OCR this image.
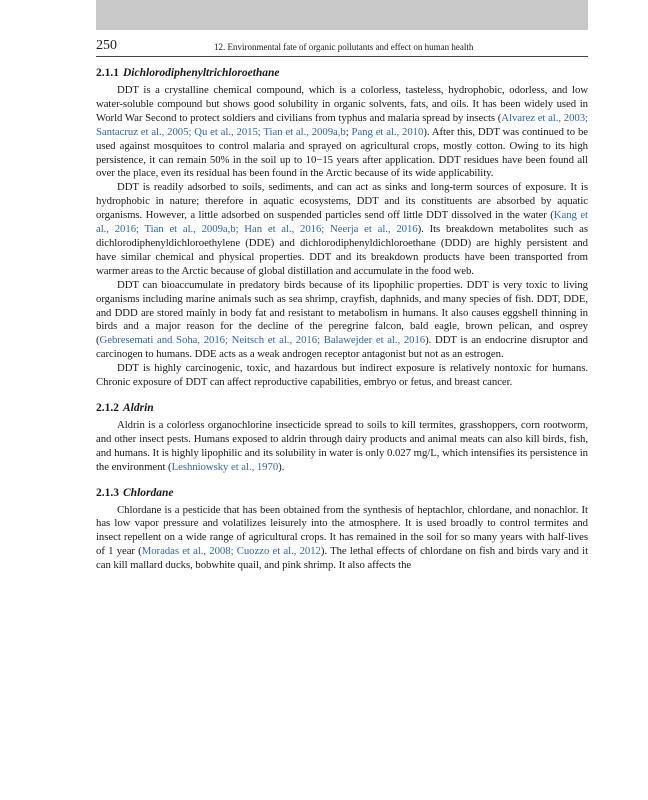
250	12. Environmental fate of organic pollutants and effect on human health
2.1.1 Dichlorodiphenyltrichloroethane

DDT is a crystalline chemical compound, which is a colorless, tasteless, hydrophobic, odorless, and low water-soluble compound but shows good solubility in organic solvents, fats, and oils. It has been widely used in World War Second to protect soldiers and civilians from typhus and malaria spread by insects (Alvarez et al., 2003; Santacruz et al., 2005; Qu et al., 2015; Tian et al., 2009a,b; Pang et al., 2010). After this, DDT was continued to be used against mosquitoes to control malaria and sprayed on agricultural crops, mostly cotton. Owing to its high persistence, it can remain 50% in the soil up to 10−15 years after application. DDT residues have been found all over the place, even its residual has been found in the Arctic because of its wide applicability.

DDT is readily adsorbed to soils, sediments, and can act as sinks and long-term sources of exposure. It is hydrophobic in nature; therefore in aquatic ecosystems, DDT and its constituents are absorbed by aquatic organisms. However, a little adsorbed on suspended particles send off little DDT dissolved in the water (Kang et al., 2016; Tian et al., 2009a,b; Han et al., 2016; Neerja et al., 2016). Its breakdown metabolites such as dichlorodiphenyldichloroethylene (DDE) and dichlorodiphenyldichloroethane (DDD) are highly persistent and have similar chemical and physical properties. DDT and its breakdown products have been transported from warmer areas to the Arctic because of global distillation and accumulate in the food web.

DDT can bioaccumulate in predatory birds because of its lipophilic properties. DDT is very toxic to living organisms including marine animals such as sea shrimp, crayfish, daphnids, and many species of fish. DDT, DDE, and DDD are stored mainly in body fat and resistant to metabolism in humans. It also causes eggshell thinning in birds and a major reason for the decline of the peregrine falcon, bald eagle, brown pelican, and osprey (Gebresemati and Soha, 2016; Neitsch et al., 2016; Balawejder et al., 2016). DDT is an endocrine disruptor and carcinogen to humans. DDE acts as a weak androgen receptor antagonist but not as an estrogen.

DDT is highly carcinogenic, toxic, and hazardous but indirect exposure is relatively nontoxic for humans. Chronic exposure of DDT can affect reproductive capabilities, embryo or fetus, and breast cancer.

2.1.2 Aldrin

Aldrin is a colorless organochlorine insecticide spread to soils to kill termites, grasshoppers, corn rootworm, and other insect pests. Humans exposed to aldrin through dairy products and animal meats can also kill birds, fish, and humans. It is highly lipophilic and its solubility in water is only 0.027 mg/L, which intensifies its persistence in the environment (Leshniowsky et al., 1970).

2.1.3 Chlordane

Chlordane is a pesticide that has been obtained from the synthesis of heptachlor, chlordane, and nonachlor. It has low vapor pressure and volatilizes leisurely into the atmosphere. It is used broadly to control termites and insect repellent on a wide range of agricultural crops. It has remained in the soil for so many years with half-lives of 1 year (Moradas et al., 2008; Cuozzo et al., 2012). The lethal effects of chlordane on fish and birds vary and it can kill mallard ducks, bobwhite quail, and pink shrimp. It also affects the
